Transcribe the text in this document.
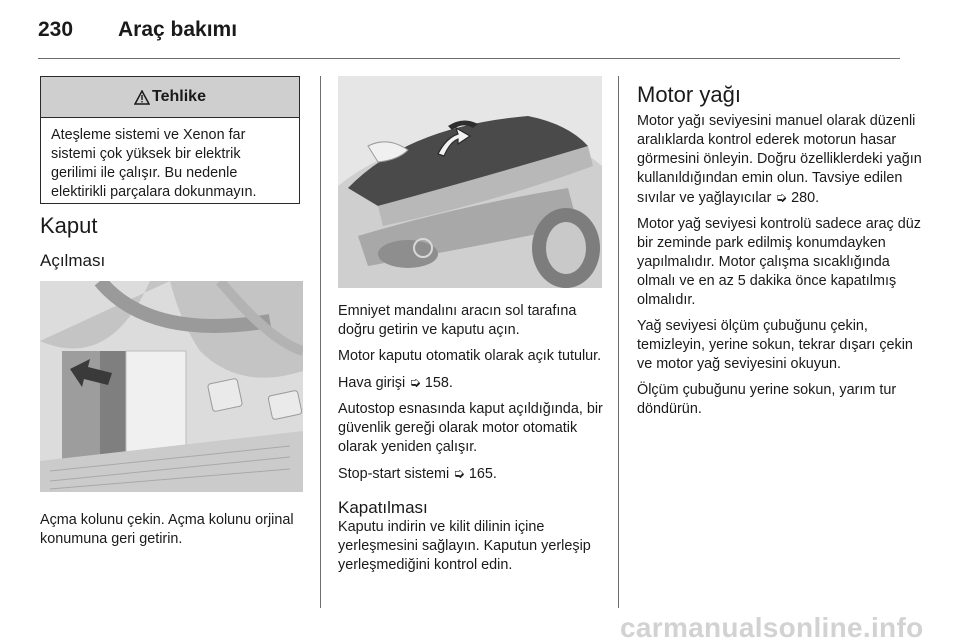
230 Araç bakımı
Tehlike
Ateşleme sistemi ve Xenon far sistemi çok yüksek bir elektrik gerilimi ile çalışır. Bu nedenle elektirikli parçalara dokunmayın.
Kaput
Açılması
Açma kolunu çekin. Açma kolunu orjinal konumuna geri getirin.

Emniyet mandalını aracın sol tarafına doğru getirin ve kaputu açın.

Motor kaputu otomatik olarak açık tutulur.

Hava girişi ➭ 158.

Autostop esnasında kaput açıldığında, bir güvenlik gereği olarak motor otomatik olarak yeniden çalışır.

Stop-start sistemi ➭ 165.

Kapatılması

Kaputu indirin ve kilit dilinin içine yerleşmesini sağlayın. Kaputun yerleşip yerleşmediğini kontrol edin.

Motor yağı

Motor yağı seviyesini manuel olarak düzenli aralıklarda kontrol ederek motorun hasar görmesini önleyin. Doğru özelliklerdeki yağın kullanıldığından emin olun. Tavsiye edilen sıvılar ve yağlayıcılar ➭ 280.

Motor yağ seviyesi kontrolü sadece araç düz bir zeminde park edilmiş konumdayken yapılmalıdır. Motor çalışma sıcaklığında olmalı ve en az 5 dakika önce kapatılmış olmalıdır.

Yağ seviyesi ölçüm çubuğunu çekin, temizleyin, yerine sokun, tekrar dışarı çekin ve motor yağ seviyesini okuyun.

Ölçüm çubuğunu yerine sokun, yarım tur döndürün.

carmanualsonline.info
